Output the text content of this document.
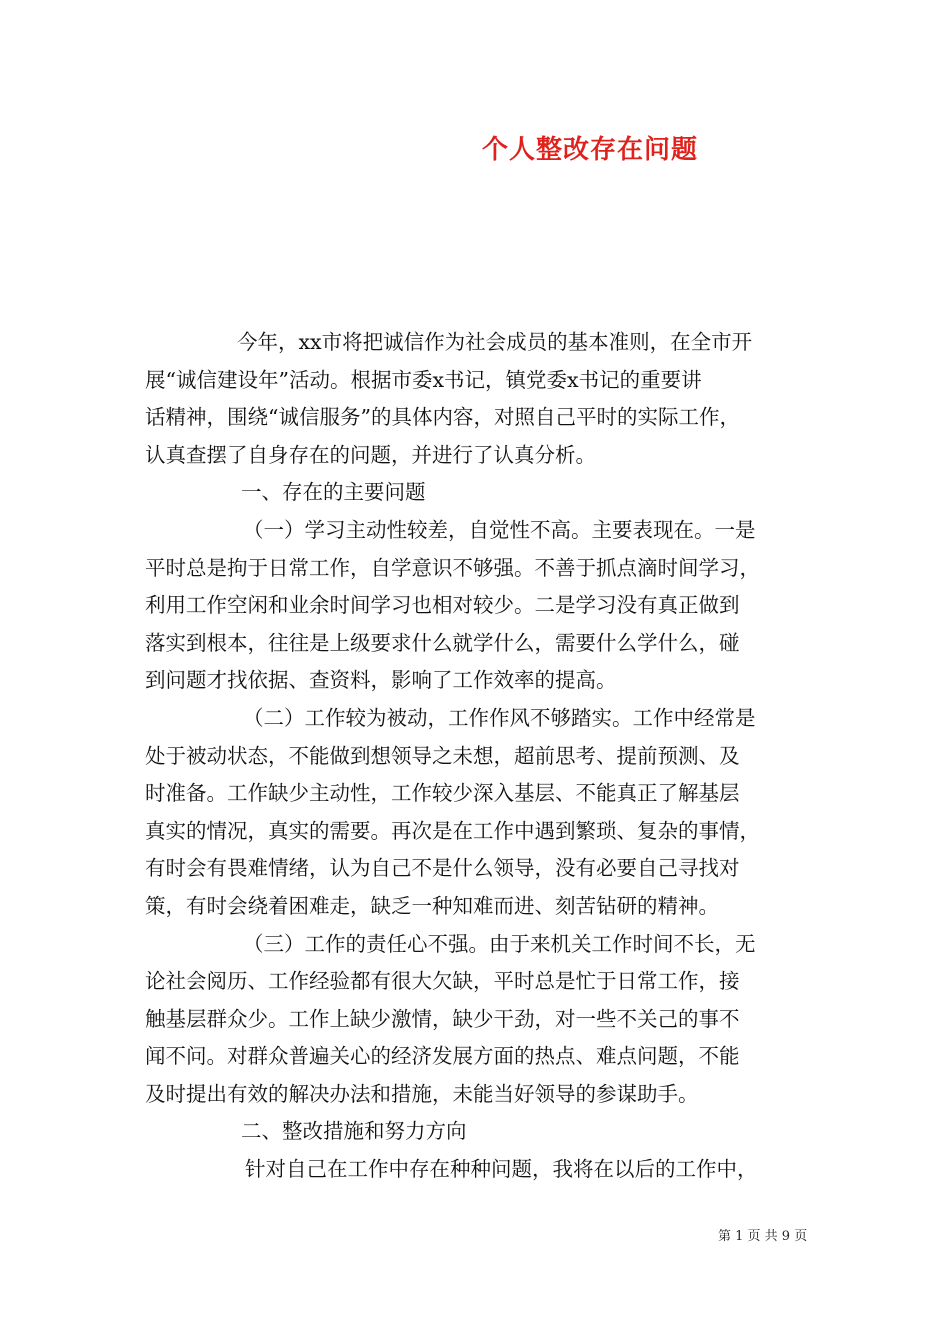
个人整改存在问题
今年，xx市将把诚信作为社会成员的基本准则，在全市开
展“诚信建设年”活动。根据市委x书记，镇党委x书记的重要讲
话精神，围绕“诚信服务”的具体内容，对照自己平时的实际工作，
认真查摆了自身存在的问题，并进行了认真分析。
一、存在的主要问题
（一）学习主动性较差，自觉性不高。主要表现在。一是
平时总是拘于日常工作，自学意识不够强。不善于抓点滴时间学习，
利用工作空闲和业余时间学习也相对较少。二是学习没有真正做到
落实到根本，往往是上级要求什么就学什么，需要什么学什么，碰
到问题才找依据、查资料，影响了工作效率的提高。
（二）工作较为被动，工作作风不够踏实。工作中经常是
处于被动状态，不能做到想领导之未想，超前思考、提前预测、及
时准备。工作缺少主动性，工作较少深入基层、不能真正了解基层
真实的情况，真实的需要。再次是在工作中遇到繁琐、复杂的事情，
有时会有畏难情绪，认为自己不是什么领导，没有必要自己寻找对
策，有时会绕着困难走，缺乏一种知难而进、刻苦钻研的精神。
（三）工作的责任心不强。由于来机关工作时间不长，无
论社会阅历、工作经验都有很大欠缺，平时总是忙于日常工作，接
触基层群众少。工作上缺少激情，缺少干劲，对一些不关己的事不
闻不问。对群众普遍关心的经济发展方面的热点、难点问题，不能
及时提出有效的解决办法和措施，未能当好领导的参谋助手。
二、整改措施和努力方向
针对自己在工作中存在种种问题，我将在以后的工作中，
第 1 页 共 9 页
